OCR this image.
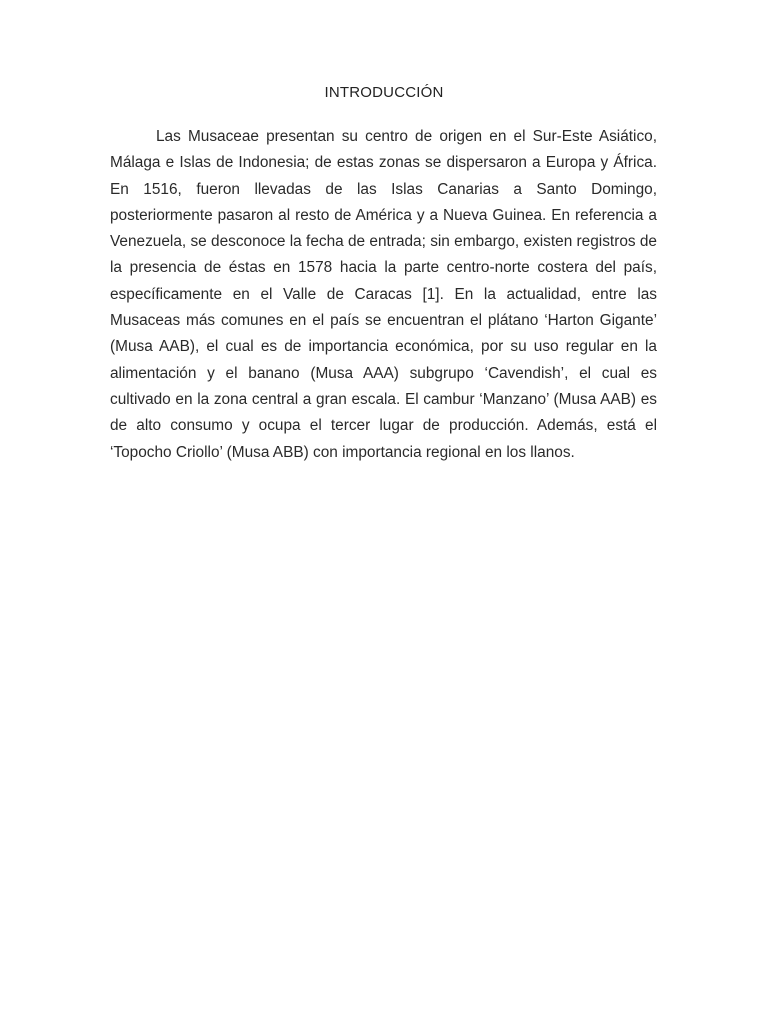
INTRODUCCIÓN

Las Musaceae presentan su centro de origen en el Sur-Este Asiático, Málaga e Islas de Indonesia; de estas zonas se dispersaron a Europa y África. En 1516, fueron llevadas de las Islas Canarias a Santo Domingo, posteriormente pasaron al resto de América y a Nueva Guinea. En referencia a Venezuela, se desconoce la fecha de entrada; sin embargo, existen registros de la presencia de éstas en 1578 hacia la parte centro-norte costera del país, específicamente en el Valle de Caracas [1]. En la actualidad, entre las Musaceas más comunes en el país se encuentran el plátano ‘Harton Gigante’ (Musa AAB), el cual es de importancia económica, por su uso regular en la alimentación y el banano (Musa AAA) subgrupo ‘Cavendish’, el cual es cultivado en la zona central a gran escala. El cambur ‘Manzano’ (Musa AAB) es de alto consumo y ocupa el tercer lugar de producción. Además, está el ‘Topocho Criollo’ (Musa ABB) con importancia regional en los llanos.
